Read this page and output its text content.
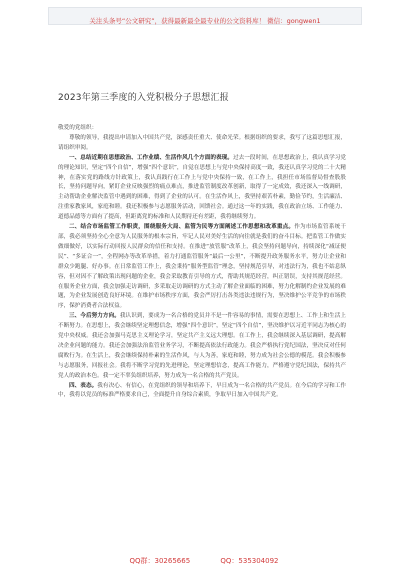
关注头条号“公文研究”，获得最新最全最专业的公文资料库！ 微信：gongwen1
2023年第三季度的入党积极分子思想汇报

敬爱的党组织：

尊敬的领导，我提出申请加入中国共产党，深感责任重大、使命光荣。根据组织的要求，我写了这篇思想汇报，请组织审阅。

一、总结近期在思想政治、工作业绩、生活作风几个方面的表现。过去一段时间，在思想政治上，我认真学习党的理论知识，坚定“四个自信”，增强“四个意识”，自觉在思想上与党中央保持高度一致，我还认真学习党的二十大精神，在落实党的路线方针政策上，我认真践行在工作上与党中央保持一致，在工作上，我担任市场监督局督查股股长，坚持问题导向，紧盯企业反映强烈的痛点难点，推进监管制度改革创新，取得了一定成效，我还深入一线调研，主动帮助企业解决监管中遇到的困难，得到了企业的认可。在生活作风上，我坚持艰苦朴素，勤俭节约，生活廉洁、注重家教家风，家庭和睦。我还积极参与志愿服务活动，回馈社会。通过这一年的实践，我在政治立场、工作能力、道德品德等方面有了提高，但距离党的标准和人民期待还有差距，我将继续努力。

二、结合市场监管工作职责，围绕服务大局、监管为民等方面阐述工作思想和改革重点。作为市场监管系统干部，我必须坚持全心全意为人民服务的根本宗旨，牢记人民对美好生活的向往就是我们的奋斗目标。把监管工作做实做细做好，以实际行动回报人民群众的信任和支持。在推进“放管服”改革上，我会坚持问题导向，持续深化“减证便民”、“多证合一”，全程网办等改革举措，着力打通监管服务“最后一公里”，不断提升政务服务水平，努力让企业和群众少跑腿、好办事。在日常监管工作上，我会秉持“服务型监管”理念，坚持规范引导，对违法行为，我也不姑息纵容，但对因不了解政策出现问题的企业，我会采取教育引导的方式，帮助其规范经营，纠正错误，支持其规范经营。在服务企业方面，我会加强走访调研，多采取走访调研的方式主动了解企业面临的困难，努力化解制约企业发展的难题，为企业发展创造良好环境。在维护市场秩序方面，我会严厉打击各类违法违规行为，坚决维护公平竞争的市场秩序，保护消费者合法权益。

三、今后努力方向。我认识到，要成为一名合格的党员并不是一件容易的事情，需要在思想上、工作上和生活上不断努力。在思想上，我会继续坚定理想信念，增强“四个意识”，坚定“四个自信”，坚决维护以习近平同志为核心的党中央权威。我还会加强马克思主义理论学习，坚定共产主义远大理想。在工作上，我会继续深入基层调研，提高解决企业问题的能力。我还会加强法治监管业务学习，不断提高依法行政能力。我会严格执行党纪国法，坚决反对任何腐败行为。在生活上，我会继续保持朴素的生活作风，与人为善，家庭和睦，努力成为社会公德的模范。我会积极参与志愿服务，回报社会。我将不断学习党的先进理论，坚定理想信念，提高工作能力，严格遵守党纪国法，保持共产党人的政治本色。我一定不辜负组织培养，努力成为一名合格的共产党员。

四、表态。我有决心、有信心，在党组织的领导和培养下，早日成为一名合格的共产党员。在今后的学习和工作中，我将以党员的标准严格要求自己，全面提升自身综合素质，争取早日加入中国共产党。

QQ群：30265665	QQ：535304092
